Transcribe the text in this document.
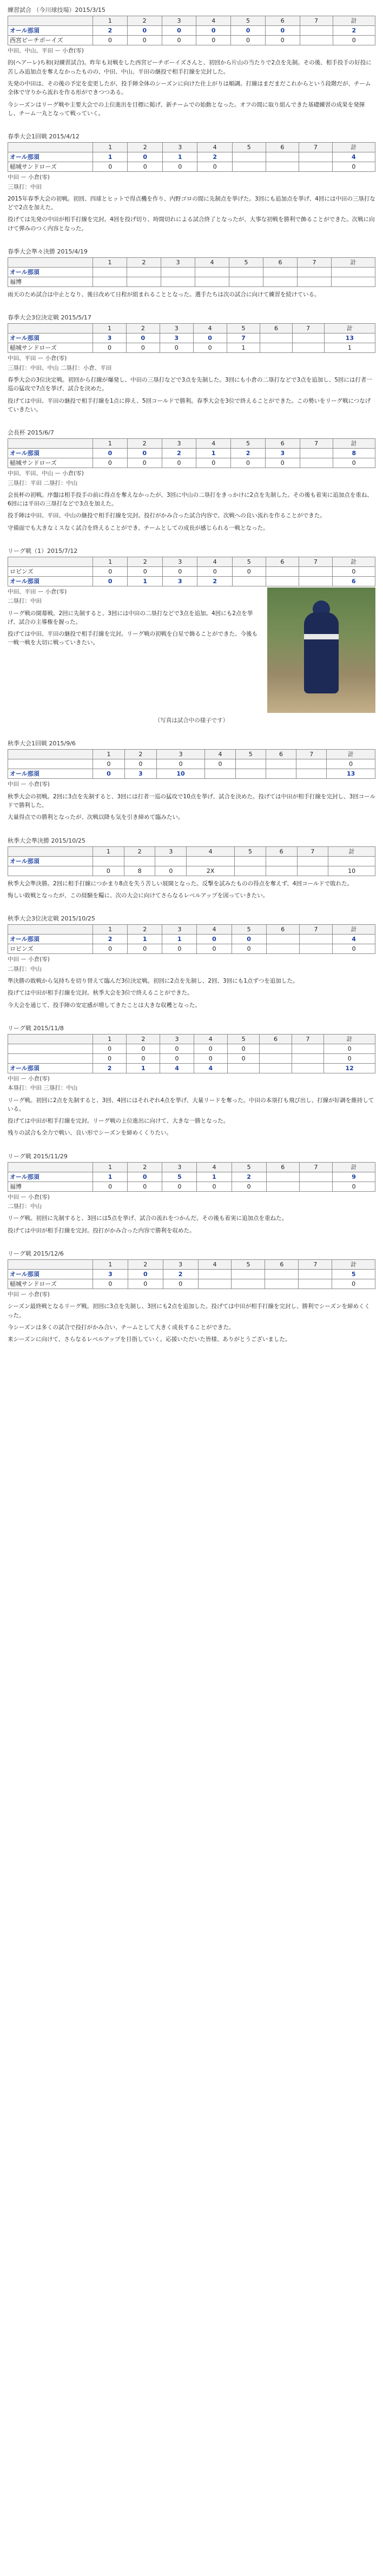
練習試合 （今川球技場）2015/3/15
	1	2	3	4	5	6	7	計
オール那須	2	0	0	0	0	0		2
西宮ピーチボーイズ	0	0	0	0	0	0		0
中田、中山、平田 ー 小倉(零)

的(ヘアーレ)ち和(対練習試合)。昨年も対戦をした西宮ピーチボーイズさんと、初回から片山の当たりで2点を先制。その後、相手投手の好投に苦しみ追加点を奪えなかったものの、中田、中山、平田の継投で相手打線を完封した。

先発の中田は、その後の予定を変更したが、投手陣全体のシーズンに向けた仕上がりは順調。打線はまだまだこれからという段階だが、チーム全体で守りから流れを作る形ができつつある。

今シーズンはリーグ戦や主要大会での上位進出を目標に掲げ、新チームでの始動となった。オフの間に取り組んできた基礎練習の成果を発揮し、チーム一丸となって戦っていく。

春季大会1回戦 2015/4/12
	1	2	3	4	5	6	7	計
オール那須	1	0	1	2				4
稲城サンドローズ	0	0	0	0				0
中田 ー 小倉(零)
三塁打：中田

2015年春季大会の初戦。初回、四球とヒットで得点機を作り、内野ゴロの間に先制点を挙げた。3回にも追加点を挙げ、4回には中田の三塁打などで2点を加えた。

投げては先発の中田が相手打線を完封。4回を投げ切り、時間切れによる試合終了となったが、大事な初戦を勝利で飾ることができた。次戦に向けて弾みのつく内容となった。

春季大会準々決勝 2015/4/19
	1	2	3	4	5	6	7	計
オール那須								
福博								

雨天のため試合は中止となり、後日改めて日程が組まれることとなった。選手たちは次の試合に向けて練習を続けている。

春季大会3位決定戦 2015/5/17
	1	2	3	4	5	6	7	計
オール那須	3	0	3	0	7			13
稲城サンドローズ	0	0	0	0	1			1
中田、平田 ー 小倉(零)
三塁打：中田、中山 二塁打：小倉、平田

春季大会の3位決定戦。初回から打線が爆発し、中田の三塁打などで3点を先制した。3回にも小倉の二塁打などで3点を追加し、5回には打者一巡の猛攻で7点を挙げ、試合を決めた。

投げては中田、平田の継投で相手打線を1点に抑え、5回コールドで勝利。春季大会を3位で終えることができた。この勢いをリーグ戦につなげていきたい。

会長杯 2015/6/7
	1	2	3	4	5	6	7	計
オール那須	0	0	2	1	2	3		8
稲城サンドローズ	0	0	0	0	0	0		0
中田、平田、中山 ー 小倉(零)
三塁打：平田 二塁打：中山

会長杯の初戦。序盤は相手投手の前に得点を奪えなかったが、3回に中山の二塁打をきっかけに2点を先制した。その後も着実に追加点を重ね、6回には平田の三塁打などで3点を加えた。

投手陣は中田、平田、中山の継投で相手打線を完封。投打がかみ合った試合内容で、次戦への良い流れを作ることができた。

守備面でも大きなミスなく試合を終えることができ、チームとしての成長が感じられる一戦となった。

リーグ戦（1）2015/7/12
	1	2	3	4	5	6	7	計
ロビンズ	0	0	0	0	0			0
オール那須	0	1	3	2				6
中田、平田 ー 小倉(零)
二塁打：中田

リーグ戦の開幕戦。2回に先制すると、3回には中田の二塁打などで3点を追加。4回にも2点を挙げ、試合の主導権を握った。

投げては中田、平田の継投で相手打線を完封。リーグ戦の初戦を白星で飾ることができた。今後も一戦一戦を大切に戦っていきたい。

（写真は試合中の様子です）
秋季大会1回戦 2015/9/6
	1	2	3	4	5	6	7	計
	0	0	0	0				0
オール那須	0	3	10					13
中田 ー 小倉(零)

秋季大会の初戦。2回に3点を先制すると、3回には打者一巡の猛攻で10点を挙げ、試合を決めた。投げては中田が相手打線を完封し、3回コールドで勝利した。

大量得点での勝利となったが、次戦以降も気を引き締めて臨みたい。

秋季大会準決勝 2015/10/25
	1	2	3	4	5	6	7	計
オール那須								
	0	8	0	2X				10

秋季大会準決勝。2回に相手打線につかまり8点を失う苦しい展開となった。反撃を試みたものの得点を奪えず、4回コールドで敗れた。

悔しい敗戦となったが、この経験を糧に、次の大会に向けてさらなるレベルアップを図っていきたい。

秋季大会3位決定戦 2015/10/25
	1	2	3	4	5	6	7	計
オール那須	2	1	1	0	0			4
ロビンズ	0	0	0	0	0			0
中田 ー 小倉(零)
二塁打：中山

準決勝の敗戦から気持ちを切り替えて臨んだ3位決定戦。初回に2点を先制し、2回、3回にも1点ずつを追加した。

投げては中田が相手打線を完封。秋季大会を3位で終えることができた。

今大会を通じて、投手陣の安定感が増してきたことは大きな収穫となった。

リーグ戦 2015/11/8
	1	2	3	4	5	6	7	計
	0	0	0	0	0			0
	0	0	0	0	0			0
オール那須	2	1	4	4				12
中田 ー 小倉(零)
本塁打：中田 三塁打：中山

リーグ戦。初回に2点を先制すると、3回、4回にはそれぞれ4点を挙げ、大量リードを奪った。中田の本塁打も飛び出し、打線が好調を維持している。

投げては中田が相手打線を完封。リーグ戦の上位進出に向けて、大きな一勝となった。

残りの試合も全力で戦い、良い形でシーズンを締めくくりたい。

リーグ戦 2015/11/29
	1	2	3	4	5	6	7	計
オール那須	1	0	5	1	2			9
福博	0	0	0	0	0			0
中田 ー 小倉(零)
二塁打：中山

リーグ戦。初回に先制すると、3回には5点を挙げ、試合の流れをつかんだ。その後も着実に追加点を重ねた。

投げては中田が相手打線を完封。投打がかみ合った内容で勝利を収めた。

リーグ戦 2015/12/6
	1	2	3	4	5	6	7	計
オール那須	3	0	2					5
稲城サンドローズ	0	0	0					0
中田 ー 小倉(零)

シーズン最終戦となるリーグ戦。初回に3点を先制し、3回にも2点を追加した。投げては中田が相手打線を完封し、勝利でシーズンを締めくくった。

今シーズンは多くの試合で投打がかみ合い、チームとして大きく成長することができた。

来シーズンに向けて、さらなるレベルアップを目指していく。応援いただいた皆様、ありがとうございました。
